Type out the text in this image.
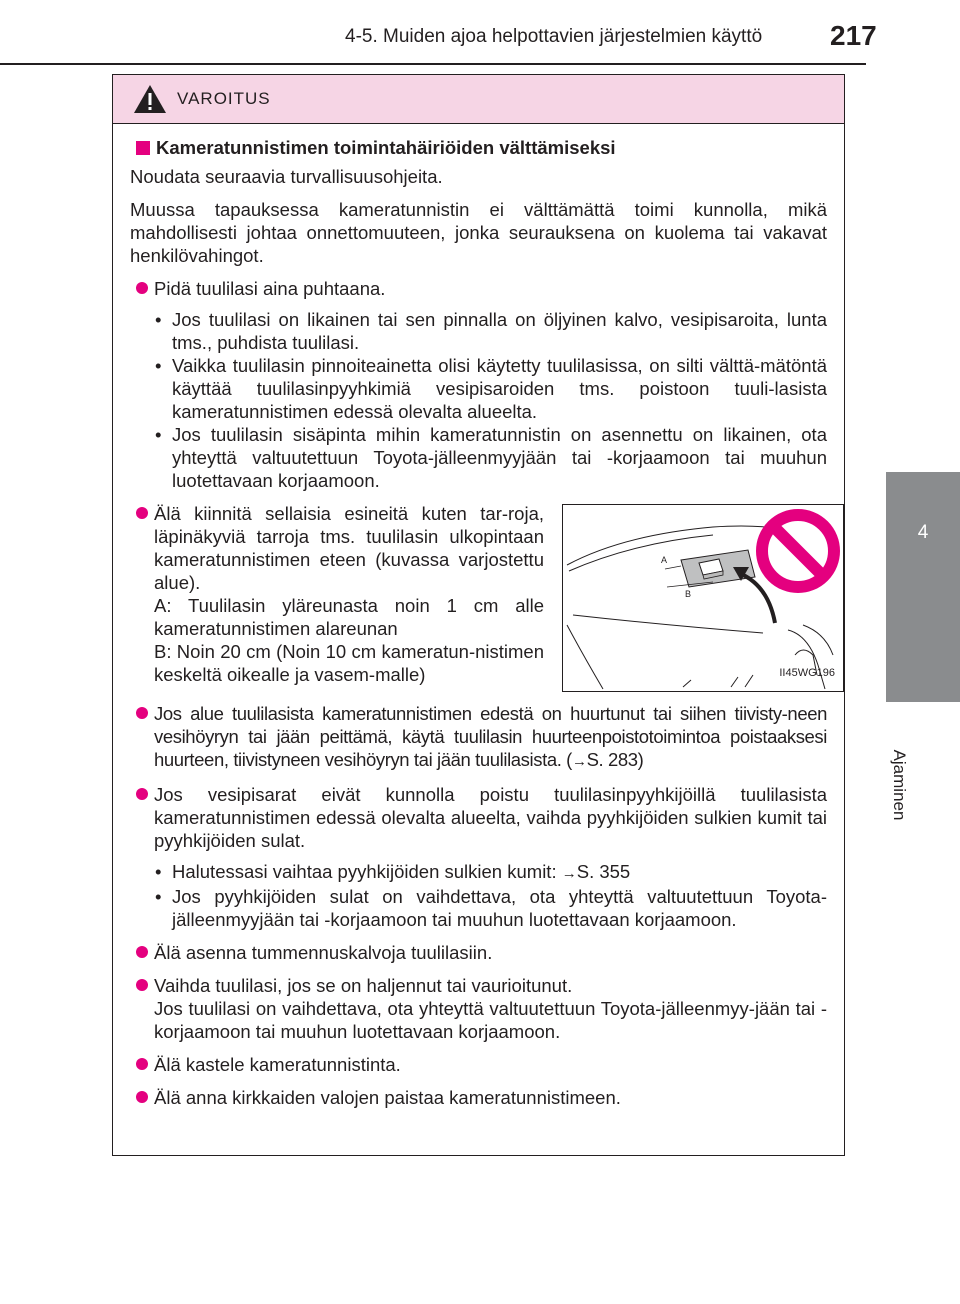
4-5. Muiden ajoa helpottavien järjestelmien käyttö 217
4
Ajaminen
VAROITUS

Kameratunnistimen toimintahäiriöiden välttämiseksi

Noudata seuraavia turvallisuusohjeita.

Muussa tapauksessa kameratunnistin ei välttämättä toimi kunnolla, mikä mahdollisesti johtaa onnettomuuteen, jonka seurauksena on kuolema tai vakavat henkilövahingot.

Pidä tuulilasi aina puhtaana.

• Jos tuulilasi on likainen tai sen pinnalla on öljyinen kalvo, vesipisaroita, lunta tms., puhdista tuulilasi.

• Vaikka tuulilasin pinnoiteainetta olisi käytetty tuulilasissa, on silti välttä-mätöntä käyttää tuulilasinpyyhkimiä vesipisaroiden tms. poistoon tuuli-lasista kameratunnistimen edessä olevalta alueelta.

• Jos tuulilasin sisäpinta mihin kameratunnistin on asennettu on likainen, ota yhteyttä valtuutettuun Toyota-jälleenmyyjään tai -korjaamoon tai muuhun luotettavaan korjaamoon.

Älä kiinnitä sellaisia esineitä kuten tar-roja, läpinäkyviä tarroja tms. tuulilasin ulkopintaan kameratunnistimen eteen (kuvassa varjostettu alue).

A: Tuulilasin yläreunasta noin 1 cm alle kameratunnistimen alareunan

B: Noin 20 cm (Noin 10 cm kameratun-nistimen keskeltä oikealle ja vasem-malle)

A
B
II45WG196

Jos alue tuulilasista kameratunnistimen edestä on huurtunut tai siihen tiivisty-neen vesihöyryn tai jään peittämä, käytä tuulilasin huurteenpoistotoimintoa poistaaksesi huurteen, tiivistyneen vesihöyryn tai jään tuulilasista. (→S. 283)

Jos vesipisarat eivät kunnolla poistu tuulilasinpyyhkijöillä tuulilasista kameratunnistimen edessä olevalta alueelta, vaihda pyyhkijöiden sulkien kumit tai pyyhkijöiden sulat.

• Halutessasi vaihtaa pyyhkijöiden sulkien kumit: →S. 355

• Jos pyyhkijöiden sulat on vaihdettava, ota yhteyttä valtuutettuun Toyota-jälleenmyyjään tai -korjaamoon tai muuhun luotettavaan korjaamoon.

Älä asenna tummennuskalvoja tuulilasiin.

Vaihda tuulilasi, jos se on haljennut tai vaurioitunut.

Jos tuulilasi on vaihdettava, ota yhteyttä valtuutettuun Toyota-jälleenmyy-jään tai -korjaamoon tai muuhun luotettavaan korjaamoon.

Älä kastele kameratunnistinta.

Älä anna kirkkaiden valojen paistaa kameratunnistimeen.
